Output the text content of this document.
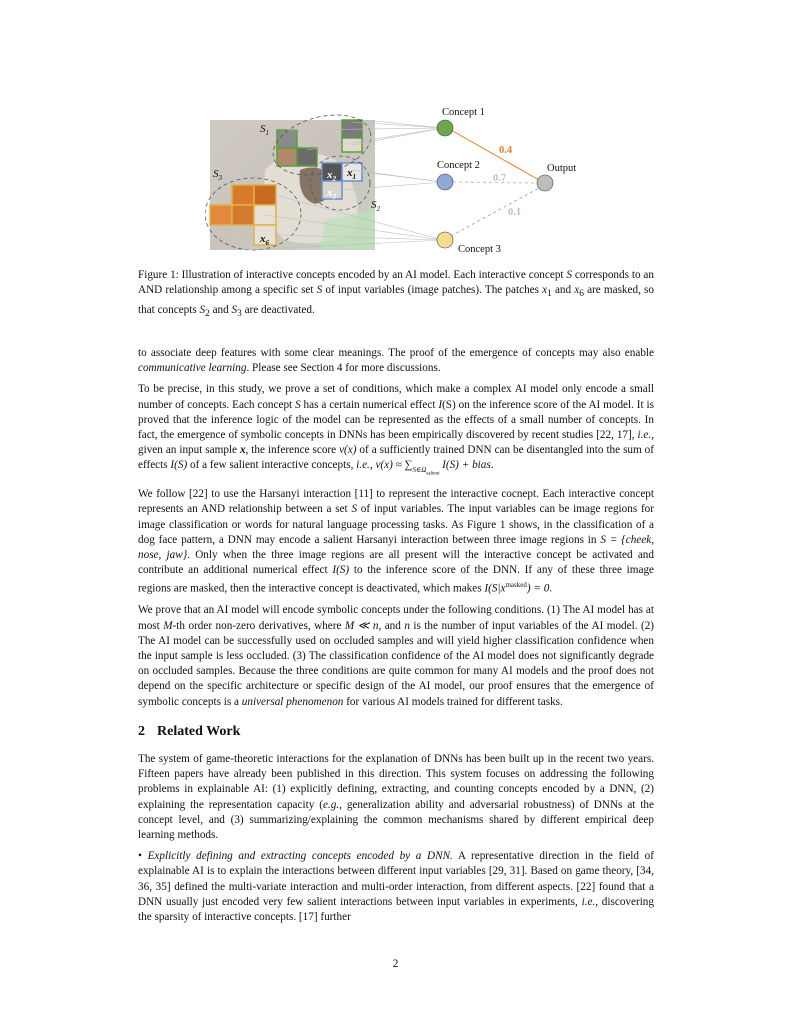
Concept 1
Concept 2
Concept 3
Output
0.4
0.7
0.1
$S_1$
$S_2$
$S_3$	$x_1$
$x_2$
$x_3$
$x_6$

Figure 1: Illustration of interactive concepts encoded by an AI model. Each interactive concept S corresponds to an AND relationship among a specific set S of input variables (image patches). The patches $x_1$ and $x_6$ are masked, so that concepts $S_2$ and $S_3$ are deactivated.

to associate deep features with some clear meanings. The proof of the emergence of concepts may also enable communicative learning. Please see Section 4 for more discussions.

To be precise, in this study, we prove a set of conditions, which make a complex AI model only encode a small number of concepts. Each concept S has a certain numerical effect I(S) on the inference score of the AI model. It is proved that the inference logic of the model can be represented as the effects of a small number of concepts. In fact, the emergence of symbolic concepts in DNNs has been empirically discovered by recent studies [22, 17], i.e., given an input sample x, the inference score v(x) of a sufficiently trained DNN can be disentangled into the sum of effects I(S) of a few salient interactive concepts, i.e., $v(x) \approx \sum_{S\in\Omega_{salient}}$ I(S) + bias.

We follow [22] to use the Harsanyi interaction [11] to represent the interactive cocnept. Each interactive concept represents an AND relationship between a set S of input variables. The input variables can be image regions for image classification or words for natural language processing tasks. As Figure 1 shows, in the classification of a dog face pattern, a DNN may encode a salient Harsanyi interaction between three image regions in S = {cheek, nose, jaw}. Only when the three image regions are all present will the interactive concept be activated and contribute an additional numerical effect I(S) to the inference score of the DNN. If any of these three image regions are masked, then the interactive concept is deactivated, which makes $I(S|x^{masked}) = 0$.

We prove that an AI model will encode symbolic concepts under the following conditions. (1) The AI model has at most M-th order non-zero derivatives, where M ≪ n, and n is the number of input variables of the AI model. (2) The AI model can be successfully used on occluded samples and will yield higher classification confidence when the input sample is less occluded. (3) The classification confidence of the AI model does not significantly degrade on occluded samples. Because the three conditions are quite common for many AI models and the proof does not depend on the specific architecture or specific design of the AI model, our proof ensures that the emergence of symbolic concepts is a universal phenomenon for various AI models trained for different tasks.

2 Related Work

The system of game-theoretic interactions for the explanation of DNNs has been built up in the recent two years. Fifteen papers have already been published in this direction. This system focuses on addressing the following problems in explainable AI: (1) explicitly defining, extracting, and counting concepts encoded by a DNN, (2) explaining the representation capacity (e.g., generalization ability and adversarial robustness) of DNNs at the concept level, and (3) summarizing/explaining the common mechanisms shared by different empirical deep learning methods.

• Explicitly defining and extracting concepts encoded by a DNN. A representative direction in the field of explainable AI is to explain the interactions between different input variables [29, 31]. Based on game theory, [34, 36, 35] defined the multi-variate interaction and multi-order interaction, from different aspects. [22] found that a DNN usually just encoded very few salient interactions between input variables in experiments, i.e., discovering the sparsity of interactive concepts. [17] further

2
